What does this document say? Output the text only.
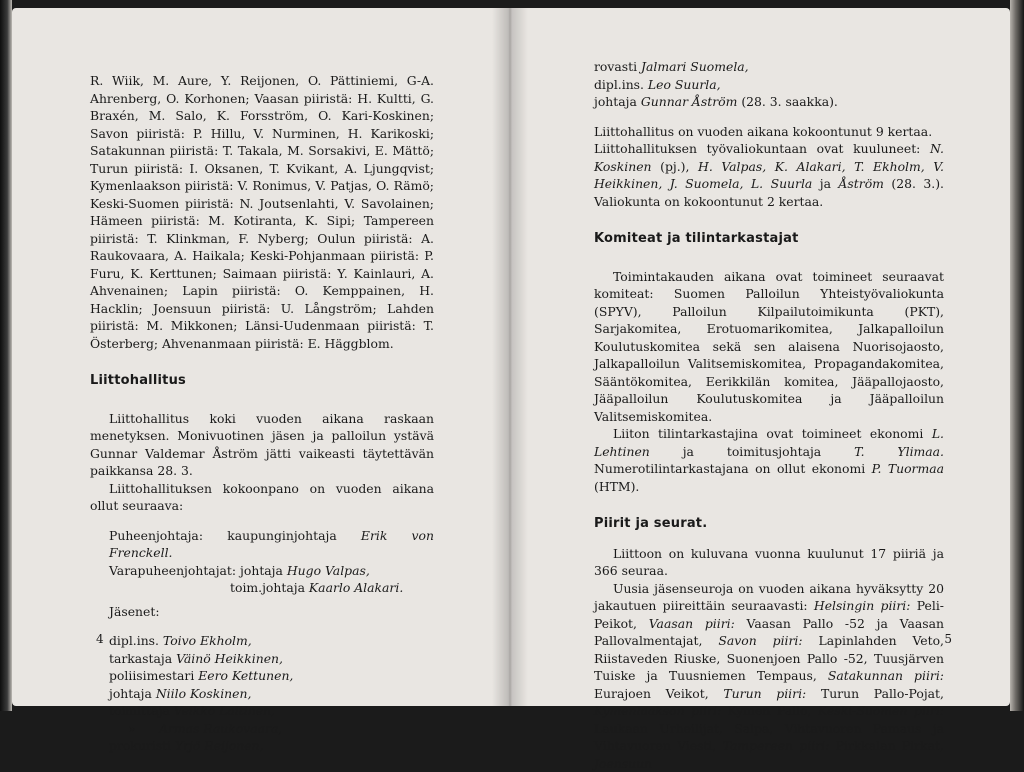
R. Wiik, M. Aure, Y. Reijonen, O. Pättiniemi, G-A. Ahrenberg, O. Korhonen; Vaasan piiristä: H. Kultti, G. Braxén, M. Salo, K. Forsström, O. Kari-Koskinen; Savon piiristä: P. Hillu, V. Nurminen, H. Karikoski; Satakunnan piiristä: T. Takala, M. Sorsakivi, E. Mättö; Turun piiristä: I. Oksanen, T. Kvikant, A. Ljungqvist; Kymenlaakson piiristä: V. Ronimus, V. Patjas, O. Rämö; Keski-Suomen piiristä: N. Joutsenlahti, V. Savolainen; Hämeen piiristä: M. Kotiranta, K. Sipi; Tampereen piiristä: T. Klinkman, F. Nyberg; Oulun piiristä: A. Raukovaara, A. Haikala; Keski-Pohjanmaan piiristä: P. Furu, K. Kerttunen; Saimaan piiristä: Y. Kainlauri, A. Ahvenainen; Lapin piiristä: O. Kemppainen, H. Hacklin; Joensuun piiristä: U. Långström; Lahden piiristä: M. Mikkonen; Länsi-Uudenmaan piiristä: T. Österberg; Ahvenanmaan piiristä: E. Häggblom.

Liittohallitus

Liittohallitus koki vuoden aikana raskaan menetyksen. Monivuotinen jäsen ja palloilun ystävä Gunnar Valdemar Åström jätti vaikeasti täytettävän paikkansa 28. 3.

Liittohallituksen kokoonpano on vuoden aikana ollut seuraava:

Puheenjohtaja: kaupunginjohtaja Erik von Frenckell.

Varapuheenjohtajat: johtaja Hugo Valpas,

toim.johtaja Kaarlo Alakari.

Jäsenet:

dipl.ins. Toivo Ekholm,
tarkastaja Väinö Heikkinen,
poliisimestari Eero Kettunen,
johtaja Niilo Koskinen,
toimittaja Veikko Laitinen,
» Armas Raukovaara,
prokuristi Yrjö Reijonen,
4
rovasti Jalmari Suomela,
dipl.ins. Leo Suurla,
johtaja Gunnar Åström (28. 3. saakka).

Liittohallitus on vuoden aikana kokoontunut 9 kertaa.

Liittohallituksen työvaliokuntaan ovat kuuluneet: N. Koskinen (pj.), H. Valpas, K. Alakari, T. Ekholm, V. Heikkinen, J. Suomela, L. Suurla ja Åström (28. 3.). Valiokunta on kokoontunut 2 kertaa.

Komiteat ja tilintarkastajat

Toimintakauden aikana ovat toimineet seuraavat komiteat: Suomen Palloilun Yhteistyövaliokunta (SPYV), Palloilun Kilpailutoimikunta (PKT), Sarjakomitea, Erotuomarikomitea, Jalkapalloilun Koulutuskomitea sekä sen alaisena Nuorisojaosto, Jalkapalloilun Valitsemiskomitea, Propagandakomitea, Sääntökomitea, Eerikkilän komitea, Jääpallojaosto, Jääpalloilun Koulutuskomitea ja Jääpalloilun Valitsemiskomitea.

Liiton tilintarkastajina ovat toimineet ekonomi L. Lehtinen	ja toimitusjohtaja	T. Ylimaa. Numerotilintarkastajana on ollut ekonomi P. Tuormaa (HTM).

Piirit ja seurat.

Liittoon on kuluvana vuonna kuulunut 17 piiriä ja 366 seuraa.

Uusia jäsenseuroja on vuoden aikana hyväksytty 20 jakautuen piireittäin seuraavasti: Helsingin piiri: Peli-Peikot, Vaasan piiri: Vaasan Pallo -52 ja Vaasan Pallovalmentajat, Savon piiri: Lapinlahden Veto, Riistaveden Riuske, Suonenjoen Pallo -52, Tuusjärven Tuiske ja Tuusniemen Tempaus, Satakunnan piiri: Eurajoen Veikot, Turun piiri: Turun Pallo-Pojat, Kymenlaakson piiri: Kymen Pallo, Keski-Suomen piiri: Laukaan Urheilijat, Salpa, Vihtavuoren Pamaus ja Vihtavuoren Viesti, Tampereen piiri: Pirkkalan Pirkat, Joensuun

5
